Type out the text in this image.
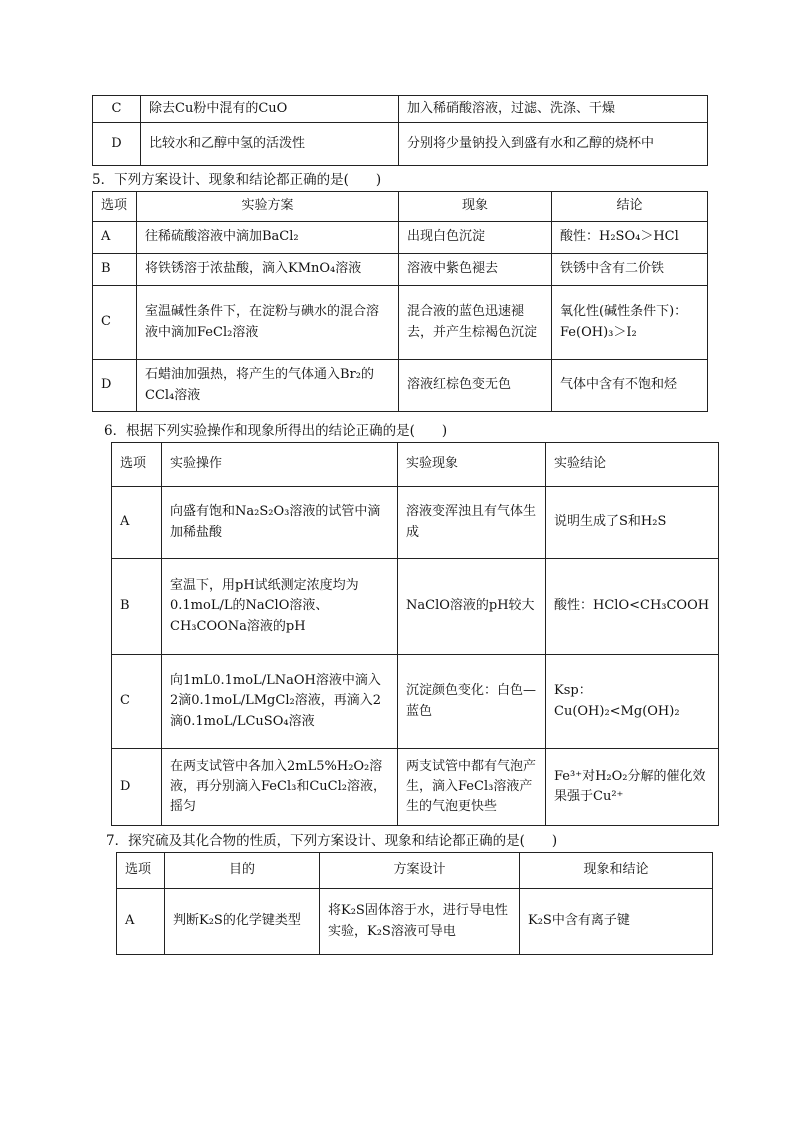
C	除去Cu粉中混有的CuO	加入稀硝酸溶液，过滤、洗涤、干燥
D	比较水和乙醇中氢的活泼性	分别将少量钠投入到盛有水和乙醇的烧杯中
5．下列方案设计、现象和结论都正确的是(　　)
选项	实验方案	现象	结论
A	往稀硫酸溶液中滴加BaCl₂	出现白色沉淀	酸性：H₂SO₄＞HCl
B	将铁锈溶于浓盐酸，滴入KMnO₄溶液	溶液中紫色褪去	铁锈中含有二价铁
C	室温碱性条件下，在淀粉与碘水的混合溶液中滴加FeCl₂溶液	混合液的蓝色迅速褪去，并产生棕褐色沉淀	氧化性(碱性条件下)：Fe(OH)₃＞I₂
D	石蜡油加强热，将产生的气体通入Br₂的CCl₄溶液	溶液红棕色变无色	气体中含有不饱和烃
6．根据下列实验操作和现象所得出的结论正确的是(　　)
选项	实验操作	实验现象	实验结论
A	向盛有饱和Na₂S₂O₃溶液的试管中滴加稀盐酸	溶液变浑浊且有气体生成	说明生成了S和H₂S
B	室温下，用pH试纸测定浓度均为0.1moL/L的NaClO溶液、CH₃COONa溶液的pH	NaClO溶液的pH较大	酸性：HClO<CH₃COOH
C	向1mL0.1moL/LNaOH溶液中滴入2滴0.1moL/LMgCl₂溶液，再滴入2滴0.1moL/LCuSO₄溶液	沉淀颜色变化：白色—蓝色	Ksp：Cu(OH)₂<Mg(OH)₂
D	在两支试管中各加入2mL5%H₂O₂溶液，再分别滴入FeCl₃和CuCl₂溶液，摇匀	两支试管中都有气泡产生，滴入FeCl₃溶液产生的气泡更快些	Fe³⁺对H₂O₂分解的催化效果强于Cu²⁺
7．探究硫及其化合物的性质，下列方案设计、现象和结论都正确的是(　　)
选项	目的	方案设计	现象和结论
A	判断K₂S的化学键类型	将K₂S固体溶于水，进行导电性实验，K₂S溶液可导电	K₂S中含有离子键
